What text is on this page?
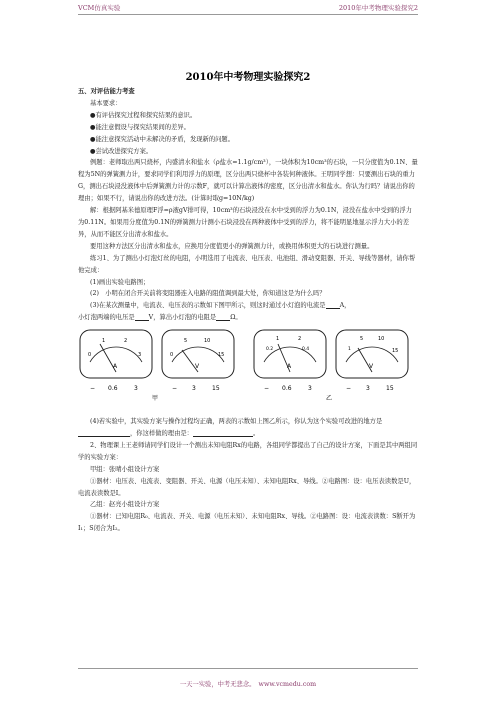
VCM仿真实验	2010年中考物理实验探究2
2010年中考物理实验探究2

五、对评估能力考查

基本要求：

●有评估探究过程和探究结果的意识。

●能注意假设与探究结果间的差异。

●能注意探究活动中未解决的矛盾，发现新的问题。

●尝试改进探究方案。

例题：老师取出两只烧杯，内盛清水和盐水（ρ盐水=1.1g/cm³），一块体积为10cm³的石块，一只分度值为0.1N、量程为5N的弹簧测力计，要求同学们利用浮力的原理，区分出两只烧杯中各装何种液体。王明同学想：只要测出石块的重力G，测出石块浸没液体中后弹簧测力计的示数F，就可以计算出液体的密度，区分出清水和盐水。你认为行吗？请说出你的理由；如果不行，请说出你的改进方法。(计算时取g=10N/kg)

解：根据阿基米德原理F浮=ρ液gV排可得，10cm³的石块浸没在水中受到的浮力为0.1N，浸没在盐水中受到的浮力为0.11N。如果用分度值为0.1N的弹簧测力计测小石块浸没在两种液体中受到的浮力，将不能明显地显示浮力大小的差异，从而不能区分出清水和盐水。

要用这种方法区分出清水和盐水，应换用分度值更小的弹簧测力计，或换用体积更大的石块进行测量。

练习1、为了测出小灯泡灯丝的电阻，小明选用了电流表、电压表、电池组、滑动变阻器、开关、导线等器材，请你帮他完成：

(1)画出实验电路图；

(2)　小明在闭合开关前将变阻器连入电路的阻值调到最大处，你知道这是为什么吗？

(3)在某次测量中，电流表、电压表的示数如下图甲所示，则这时通过小灯泡的电流是 A，

小灯泡两端的电压是 V，算出小灯泡的电阻是 Ω。

0
1	2
3
A
− 0.6	3
0
5	10
15
V
− 3	15
甲
0.2	0.4
1	2
A
− 0.6	3
1
5	10
15
V
− 3	15
乙

(4)若实验中，其实验方案与操作过程均正确，两表的示数如上图乙所示，你认为这个实验可改进的地方是，你这样做的理由是：	。

2、物理课上王老师请同学们设计一个测出未知电阻Rx的电路，各组同学都提出了自己的设计方案，下面是其中两组同学的实验方案：

甲组：张晴小组设计方案

①器材：电压表、电流表、变阻器、开关、电源（电压未知）、未知电阻Rx、导线。②电路图：设：电压表读数是U，电流表读数是I。

乙组：赵亮小组设计方案

①器材：已知电阻R₀、电流表、开关、电源（电压未知）、未知电阻Rx、导线。②电路图：设：电流表读数：S断开为I₁；S闭合为I₂。

一天一实验，中考无悲念。　www.vcmedu.com
